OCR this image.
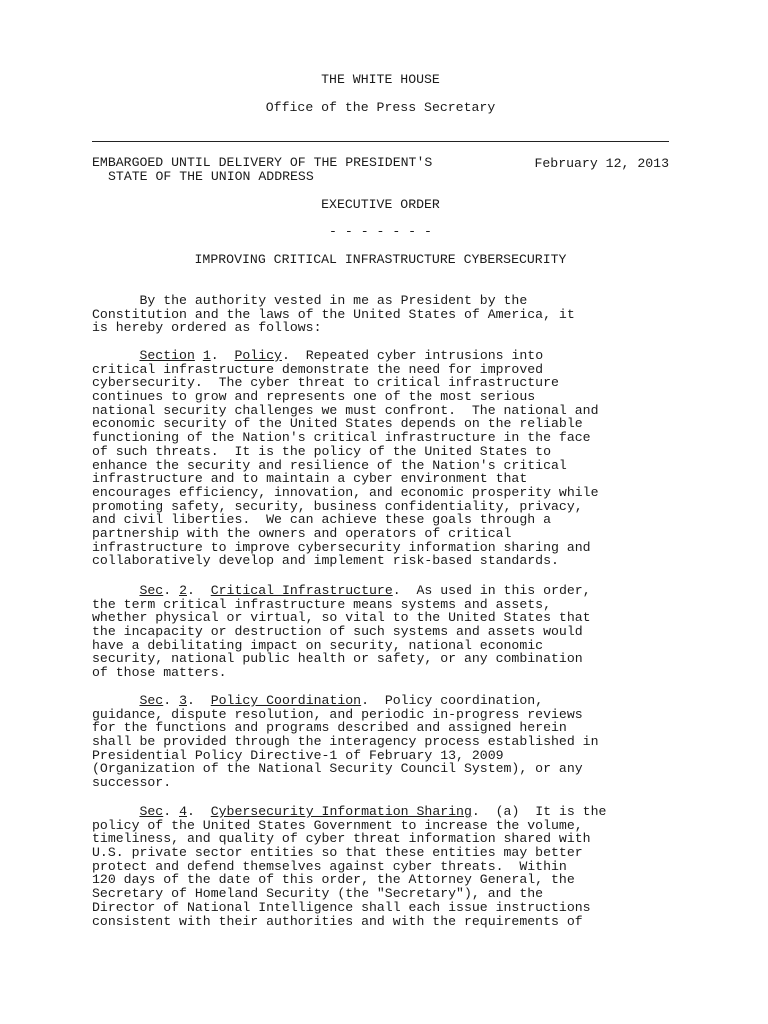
THE WHITE HOUSE
Office of the Press Secretary
EMBARGOED UNTIL DELIVERY OF THE PRESIDENT'S
STATE OF THE UNION ADDRESS
February 12, 2013
EXECUTIVE ORDER
- - - - - - -
IMPROVING CRITICAL INFRASTRUCTURE CYBERSECURITY
By the authority vested in me as President by the
Constitution and the laws of the United States of America, it
is hereby ordered as follows:
Section 1.  Policy.  Repeated cyber intrusions into
critical infrastructure demonstrate the need for improved
cybersecurity.  The cyber threat to critical infrastructure
continues to grow and represents one of the most serious
national security challenges we must confront.  The national and
economic security of the United States depends on the reliable
functioning of the Nation's critical infrastructure in the face
of such threats.  It is the policy of the United States to
enhance the security and resilience of the Nation's critical
infrastructure and to maintain a cyber environment that
encourages efficiency, innovation, and economic prosperity while
promoting safety, security, business confidentiality, privacy,
and civil liberties.  We can achieve these goals through a
partnership with the owners and operators of critical
infrastructure to improve cybersecurity information sharing and
collaboratively develop and implement risk-based standards.
Sec. 2.  Critical Infrastructure.  As used in this order,
the term critical infrastructure means systems and assets,
whether physical or virtual, so vital to the United States that
the incapacity or destruction of such systems and assets would
have a debilitating impact on security, national economic
security, national public health or safety, or any combination
of those matters.
Sec. 3.  Policy Coordination.  Policy coordination,
guidance, dispute resolution, and periodic in-progress reviews
for the functions and programs described and assigned herein
shall be provided through the interagency process established in
Presidential Policy Directive-1 of February 13, 2009
(Organization of the National Security Council System), or any
successor.
Sec. 4.  Cybersecurity Information Sharing.  (a)  It is the
policy of the United States Government to increase the volume,
timeliness, and quality of cyber threat information shared with
U.S. private sector entities so that these entities may better
protect and defend themselves against cyber threats.  Within
120 days of the date of this order, the Attorney General, the
Secretary of Homeland Security (the "Secretary"), and the
Director of National Intelligence shall each issue instructions
consistent with their authorities and with the requirements of
